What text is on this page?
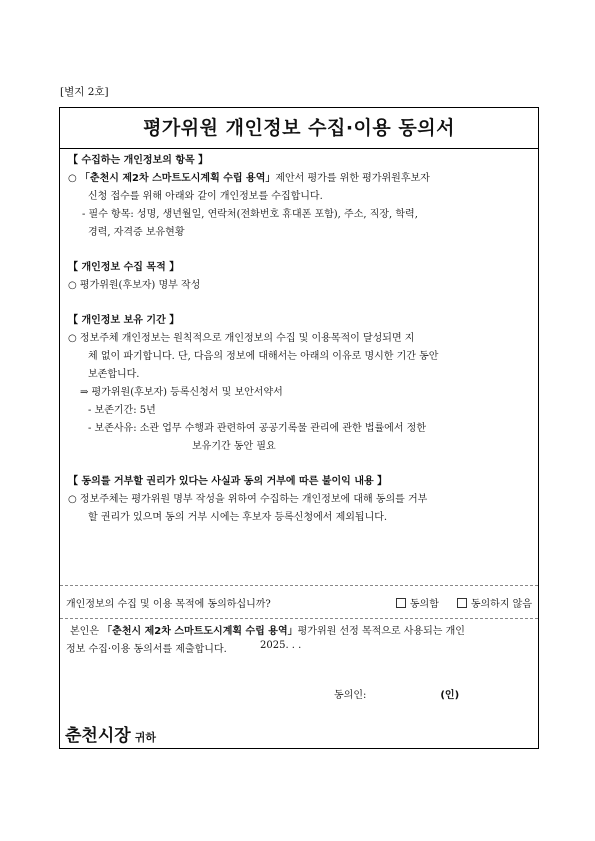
[별지 2호]
평가위원 개인정보 수집·이용 동의서

【 수집하는 개인정보의 항목 】

○ 「춘천시 제2차 스마트도시계획 수립 용역」제안서 평가를 위한 평가위원후보자

신청 접수를 위해 아래와 같이 개인정보를 수집합니다.

- 필수 항목: 성명, 생년월일, 연락처(전화번호 휴대폰 포함), 주소, 직장, 학력,

경력, 자격증 보유현황

【 개인정보 수집 목적 】

○ 평가위원(후보자) 명부 작성

【 개인정보 보유 기간 】

○ 정보주체 개인정보는 원칙적으로 개인정보의 수집 및 이용목적이 달성되면 지

체 없이 파기합니다. 단, 다음의 정보에 대해서는 아래의 이유로 명시한 기간 동안

보존합니다.

⇒ 평가위원(후보자) 등록신청서 및 보안서약서

- 보존기간: 5년

- 보존사유: 소관 업무 수행과 관련하여 공공기록물 관리에 관한 법률에서 정한

보유기간 동안 필요

【 동의를 거부할 권리가 있다는 사실과 동의 거부에 따른 불이익 내용 】

○ 정보주체는 평가위원 명부 작성을 위하여 수집하는 개인정보에 대해 동의를 거부

할 권리가 있으며 동의 거부 시에는 후보자 등록신청에서 제외됩니다.

개인정보의 수집 및 이용 목적에 동의하십니까?	동의함	동의하지 않음
본인은 「춘천시 제2차 스마트도시계획 수립 용역」평가위원 선정 목적으로 사용되는 개인
정보 수집·이용 동의서를 제출합니다.	2025. . .
동의인:	(인)
춘천시장 귀하
